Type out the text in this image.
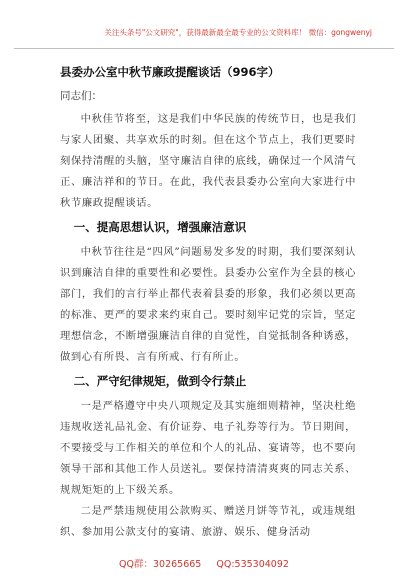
关注头条号"公文研究"，获得最新最全最专业的公文资料库！ 微信：gongwenyj
县委办公室中秋节廉政提醒谈话（996字）
同志们：

中秋佳节将至，这是我们中华民族的传统节日，也是我们与家人团聚、共享欢乐的时刻。但在这个节点上，我们更要时刻保持清醒的头脑，坚守廉洁自律的底线，确保过一个风清气正、廉洁祥和的节日。在此，我代表县委办公室向大家进行中秋节廉政提醒谈话。

一、提高思想认识，增强廉洁意识

中秋节往往是“四风”问题易发多发的时期，我们要深刻认识到廉洁自律的重要性和必要性。县委办公室作为全县的核心部门，我们的言行举止都代表着县委的形象，我们必须以更高的标准、更严的要求来约束自己。要时刻牢记党的宗旨，坚定理想信念，不断增强廉洁自律的自觉性，自觉抵制各种诱惑，做到心有所畏、言有所戒、行有所止。

二、严守纪律规矩，做到令行禁止

一是严格遵守中央八项规定及其实施细则精神，坚决杜绝违规收送礼品礼金、有价证券、电子礼券等行为。节日期间，不要接受与工作相关的单位和个人的礼品、宴请等，也不要向领导干部和其他工作人员送礼。要保持清清爽爽的同志关系、规规矩矩的上下级关系。

二是严禁违规使用公款购买、赠送月饼等节礼，或违规组织、参加用公款支付的宴请、旅游、娱乐、健身活动

QQ群：30265665 QQ:535304092
